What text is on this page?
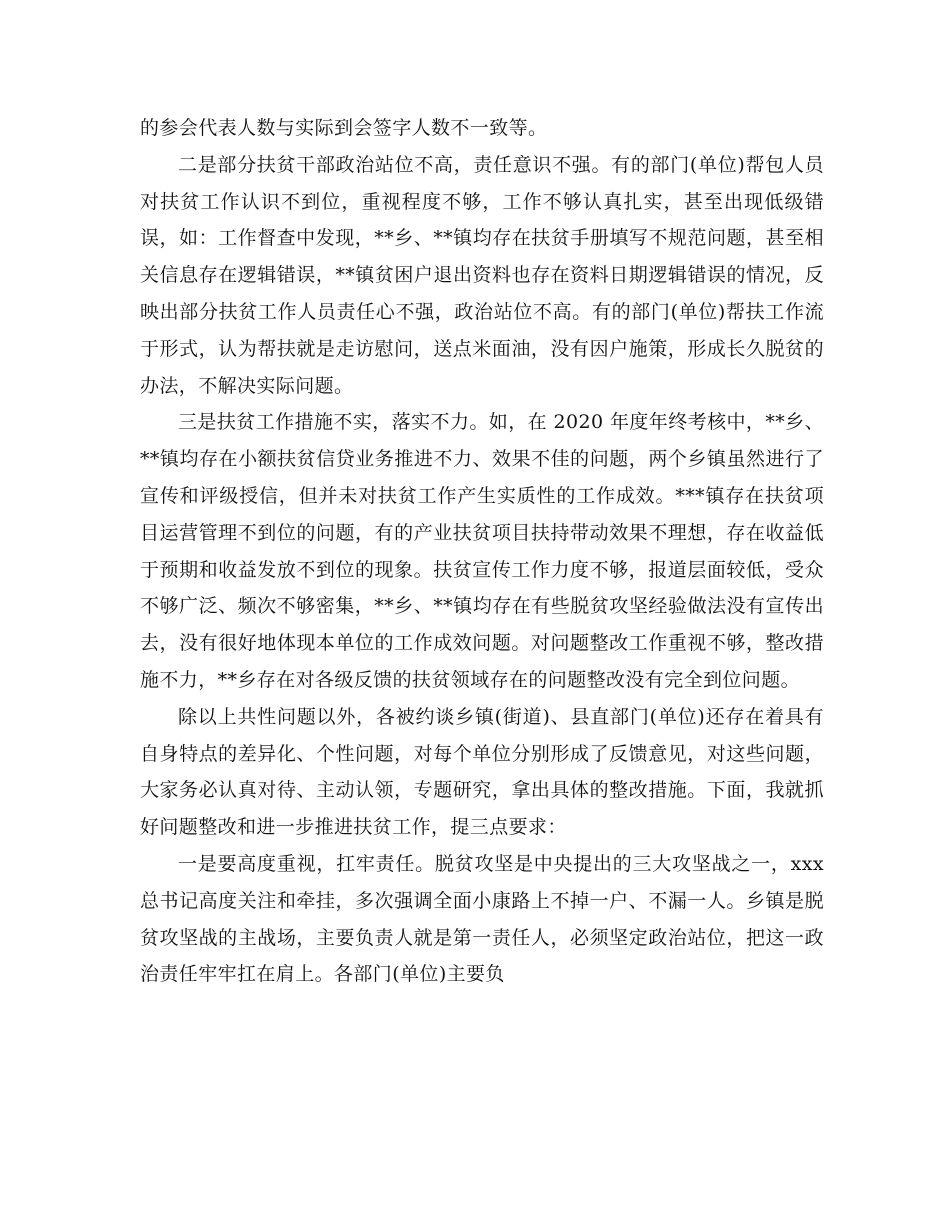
的参会代表人数与实际到会签字人数不一致等。

二是部分扶贫干部政治站位不高，责任意识不强。有的部门(单位)帮包人员对扶贫工作认识不到位，重视程度不够，工作不够认真扎实，甚至出现低级错误，如：工作督查中发现，**乡、**镇均存在扶贫手册填写不规范问题，甚至相关信息存在逻辑错误，**镇贫困户退出资料也存在资料日期逻辑错误的情况，反映出部分扶贫工作人员责任心不强，政治站位不高。有的部门(单位)帮扶工作流于形式，认为帮扶就是走访慰问，送点米面油，没有因户施策，形成长久脱贫的办法，不解决实际问题。

三是扶贫工作措施不实，落实不力。如，在 2020 年度年终考核中，**乡、**镇均存在小额扶贫信贷业务推进不力、效果不佳的问题，两个乡镇虽然进行了宣传和评级授信，但并未对扶贫工作产生实质性的工作成效。***镇存在扶贫项目运营管理不到位的问题，有的产业扶贫项目扶持带动效果不理想，存在收益低于预期和收益发放不到位的现象。扶贫宣传工作力度不够，报道层面较低，受众不够广泛、频次不够密集，**乡、**镇均存在有些脱贫攻坚经验做法没有宣传出去，没有很好地体现本单位的工作成效问题。对问题整改工作重视不够，整改措施不力，**乡存在对各级反馈的扶贫领域存在的问题整改没有完全到位问题。

除以上共性问题以外，各被约谈乡镇(街道)、县直部门(单位)还存在着具有自身特点的差异化、个性问题，对每个单位分别形成了反馈意见，对这些问题，大家务必认真对待、主动认领，专题研究，拿出具体的整改措施。下面，我就抓好问题整改和进一步推进扶贫工作，提三点要求：

一是要高度重视，扛牢责任。脱贫攻坚是中央提出的三大攻坚战之一，xxx 总书记高度关注和牵挂，多次强调全面小康路上不掉一户、不漏一人。乡镇是脱贫攻坚战的主战场，主要负责人就是第一责任人，必须坚定政治站位，把这一政治责任牢牢扛在肩上。各部门(单位)主要负
